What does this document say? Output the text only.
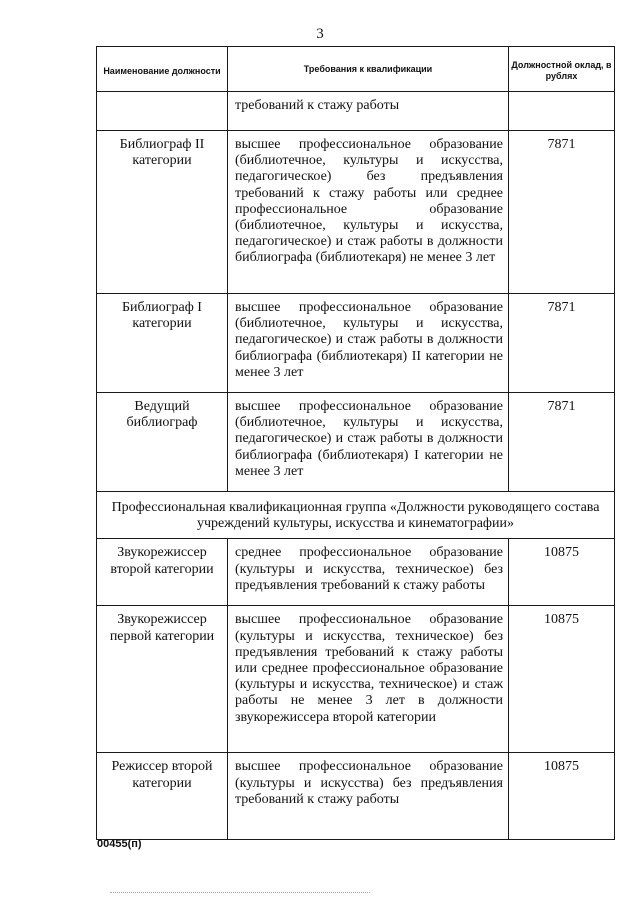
3
Наименование должности	Требования к квалификации	Должностной оклад, в рублях
	требований к стажу работы	
Библиограф II категории	высшее профессиональное образование (библиотечное, культуры и искусства, педагогическое) без предъявления требований к стажу работы или среднее профессиональное образование (библиотечное, культуры и искусства, педагогическое) и стаж работы в должности библиографа (библиотекаря) не менее 3 лет	7871
Библиограф I категории	высшее профессиональное образование (библиотечное, культуры и искусства, педагогическое) и стаж работы в должности библиографа (библиотекаря) II категории не менее 3 лет	7871
Ведущий библиограф	высшее профессиональное образование (библиотечное, культуры и искусства, педагогическое) и стаж работы в должности библиографа (библиотекаря) I категории не менее 3 лет	7871
Профессиональная квалификационная группа «Должности руководящего состава учреждений культуры, искусства и кинематографии»		
Звукорежиссер второй категории	среднее профессиональное образование (культуры и искусства, техническое) без предъявления требований к стажу работы	10875
Звукорежиссер первой категории	высшее профессиональное образование (культуры и искусства, техническое) без предъявления требований к стажу работы или среднее профессиональное образование (культуры и искусства, техническое) и стаж работы не менее 3 лет в должности звукорежиссера второй категории	10875
Режиссер второй категории	высшее профессиональное образование (культуры и искусства) без предъявления требований к стажу работы	10875
00455(п)
